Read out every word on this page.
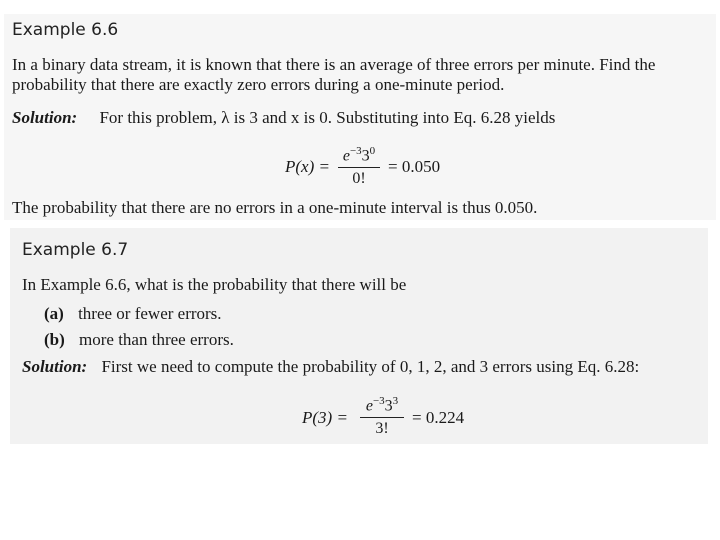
Example 6.6
In a binary data stream, it is known that there is an average of three errors per minute. Find the
probability that there are exactly zero errors during a one-minute period.
Solution: For this problem, λ is 3 and x is 0. Substituting into Eq. 6.28 yields
P(x) =
$e^{-3}3^0$
0!
= 0.050
The probability that there are no errors in a one-minute interval is thus 0.050.
Example 6.7
In Example 6.6, what is the probability that there will be
(a) three or fewer errors.
(b) more than three errors.
Solution: First we need to compute the probability of 0, 1, 2, and 3 errors using Eq. 6.28:
P(3) =
$e^{-3}3^3$
3!
= 0.224
